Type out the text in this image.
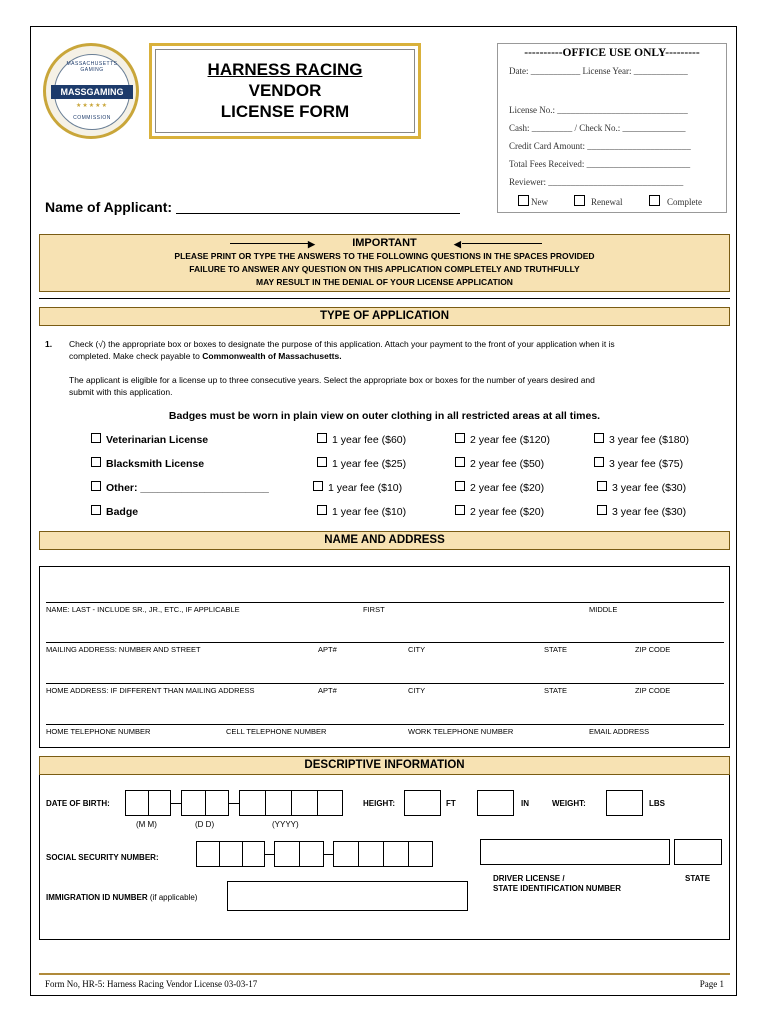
MASSACHUSETTS GAMING
MASSGAMING
★★★★★
COMMISSION
HARNESS RACING
VENDOR
LICENSE FORM
----------OFFICE USE ONLY---------
Date: ___________ License Year: ____________
License No.: _____________________________
Cash: _________ / Check No.: ______________
Credit Card Amount: _______________________
Total Fees Received: _______________________
Reviewer: ______________________________
New	Renewal	Complete
Name of Applicant:
▶	◀
IMPORTANT
PLEASE PRINT OR TYPE THE ANSWERS TO THE FOLLOWING QUESTIONS IN THE SPACES PROVIDED
FAILURE TO ANSWER ANY QUESTION ON THIS APPLICATION COMPLETELY AND TRUTHFULLY
MAY RESULT IN THE DENIAL OF YOUR LICENSE APPLICATION
TYPE OF APPLICATION
1. Check (√) the appropriate box or boxes to designate the purpose of this application. Attach your payment to the front of your application when it is
completed. Make check payable to Commonwealth of Massachusetts.
The applicant is eligible for a license up to three consecutive years. Select the appropriate box or boxes for the number of years desired and
submit with this application.
Badges must be worn in plain view on outer clothing in all restricted areas at all times.
Veterinarian License	1 year fee ($60)	2 year fee ($120)	3 year fee ($180)
Blacksmith License	1 year fee ($25)	2 year fee ($50)	3 year fee ($75)
Other: ______________________	1 year fee ($10)	2 year fee ($20)	3 year fee ($30)
Badge	1 year fee ($10)	2 year fee ($20)	3 year fee ($30)
NAME AND ADDRESS
NAME: LAST - INCLUDE SR., JR., ETC., IF APPLICABLE	FIRST	MIDDLE
MAILING ADDRESS: NUMBER AND STREET	APT#	CITY	STATE	ZIP CODE
HOME ADDRESS: IF DIFFERENT THAN MAILING ADDRESS	APT#	CITY	STATE	ZIP CODE
HOME TELEPHONE NUMBER	CELL TELEPHONE NUMBER	WORK TELEPHONE NUMBER	EMAIL ADDRESS
DESCRIPTIVE INFORMATION
DATE OF BIRTH:
(M M)	(D D)	(YYYY)
HEIGHT:	FT	IN	WEIGHT:	LBS
SOCIAL SECURITY NUMBER:
DRIVER LICENSE /
STATE IDENTIFICATION NUMBER
STATE
IMMIGRATION ID NUMBER (if applicable)
Form No, HR-5: Harness Racing Vendor License 03-03-17	Page 1
